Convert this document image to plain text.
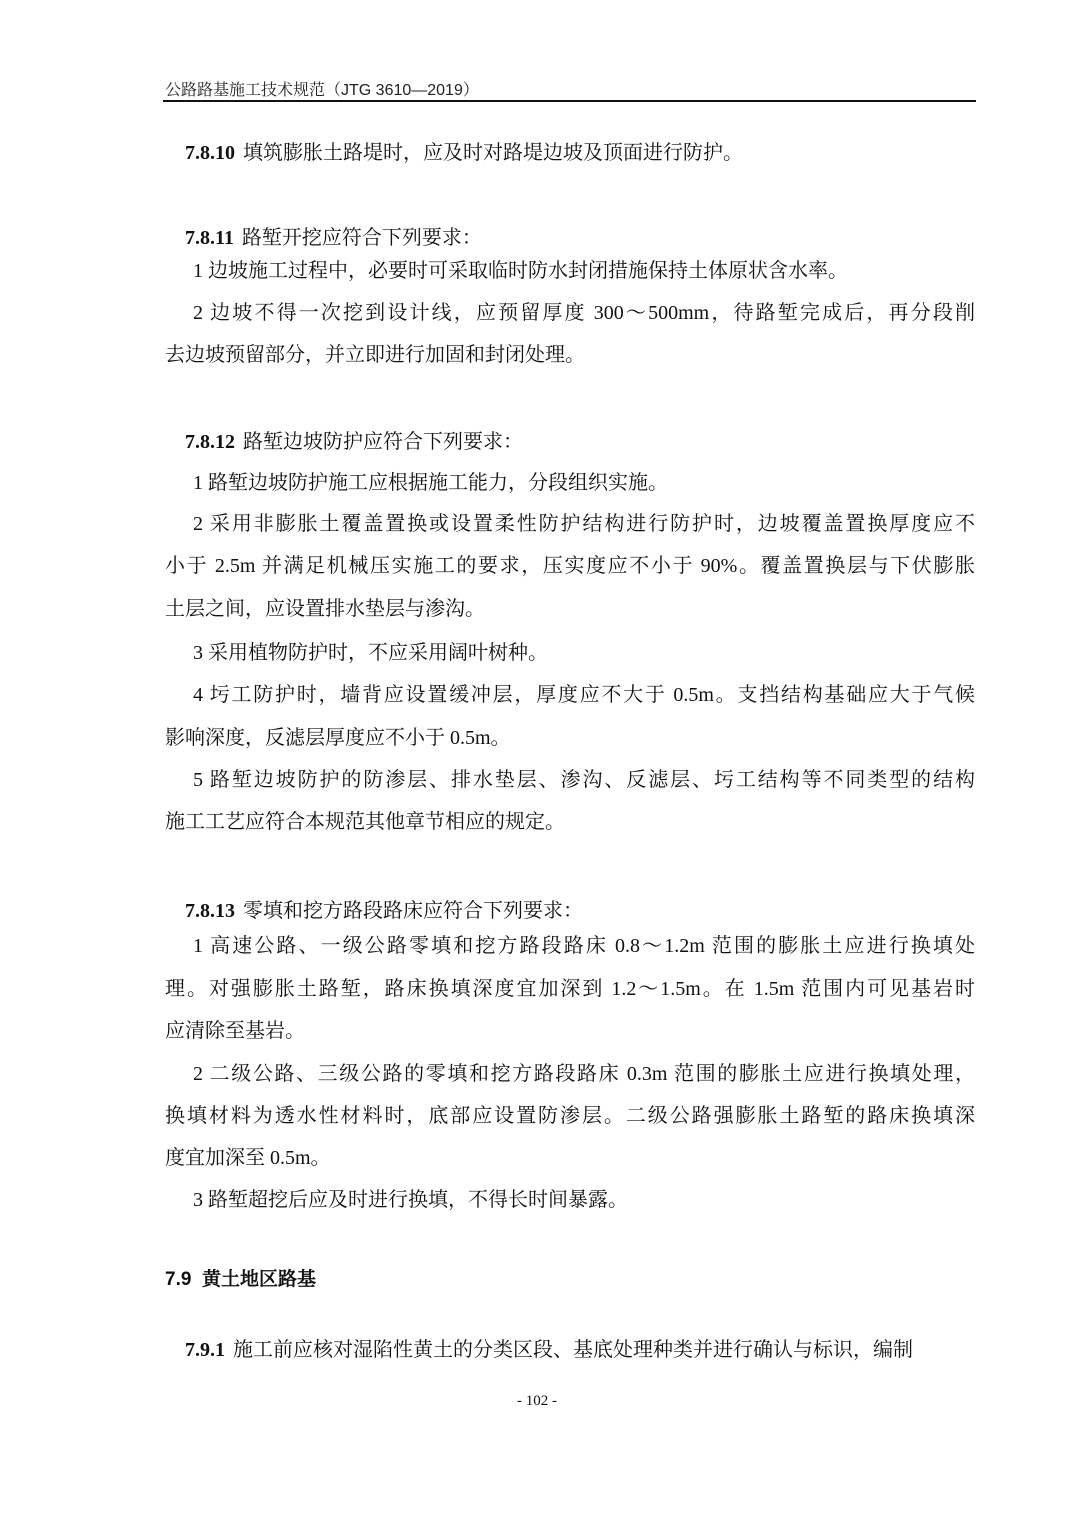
公路路基施工技术规范（JTG 3610—2019）
7.8.10 填筑膨胀土路堤时，应及时对路堤边坡及顶面进行防护。
7.8.11 路堑开挖应符合下列要求：
1 边坡施工过程中，必要时可采取临时防水封闭措施保持土体原状含水率。
2 边坡不得一次挖到设计线，应预留厚度 300～500mm，待路堑完成后，再分段削
去边坡预留部分，并立即进行加固和封闭处理。
7.8.12 路堑边坡防护应符合下列要求：
1 路堑边坡防护施工应根据施工能力，分段组织实施。
2 采用非膨胀土覆盖置换或设置柔性防护结构进行防护时，边坡覆盖置换厚度应不
小于 2.5m 并满足机械压实施工的要求，压实度应不小于 90%。覆盖置换层与下伏膨胀
土层之间，应设置排水垫层与渗沟。
3 采用植物防护时，不应采用阔叶树种。
4 圬工防护时，墙背应设置缓冲层，厚度应不大于 0.5m。支挡结构基础应大于气候
影响深度，反滤层厚度应不小于 0.5m。
5 路堑边坡防护的防渗层、排水垫层、渗沟、反滤层、圬工结构等不同类型的结构
施工工艺应符合本规范其他章节相应的规定。
7.8.13 零填和挖方路段路床应符合下列要求：
1 高速公路、一级公路零填和挖方路段路床 0.8～1.2m 范围的膨胀土应进行换填处
理。对强膨胀土路堑，路床换填深度宜加深到 1.2～1.5m。在 1.5m 范围内可见基岩时
应清除至基岩。
2 二级公路、三级公路的零填和挖方路段路床 0.3m 范围的膨胀土应进行换填处理，
换填材料为透水性材料时，底部应设置防渗层。二级公路强膨胀土路堑的路床换填深
度宜加深至 0.5m。
3 路堑超挖后应及时进行换填，不得长时间暴露。
7.9 黄土地区路基
7.9.1 施工前应核对湿陷性黄土的分类区段、基底处理种类并进行确认与标识，编制
- 102 -
